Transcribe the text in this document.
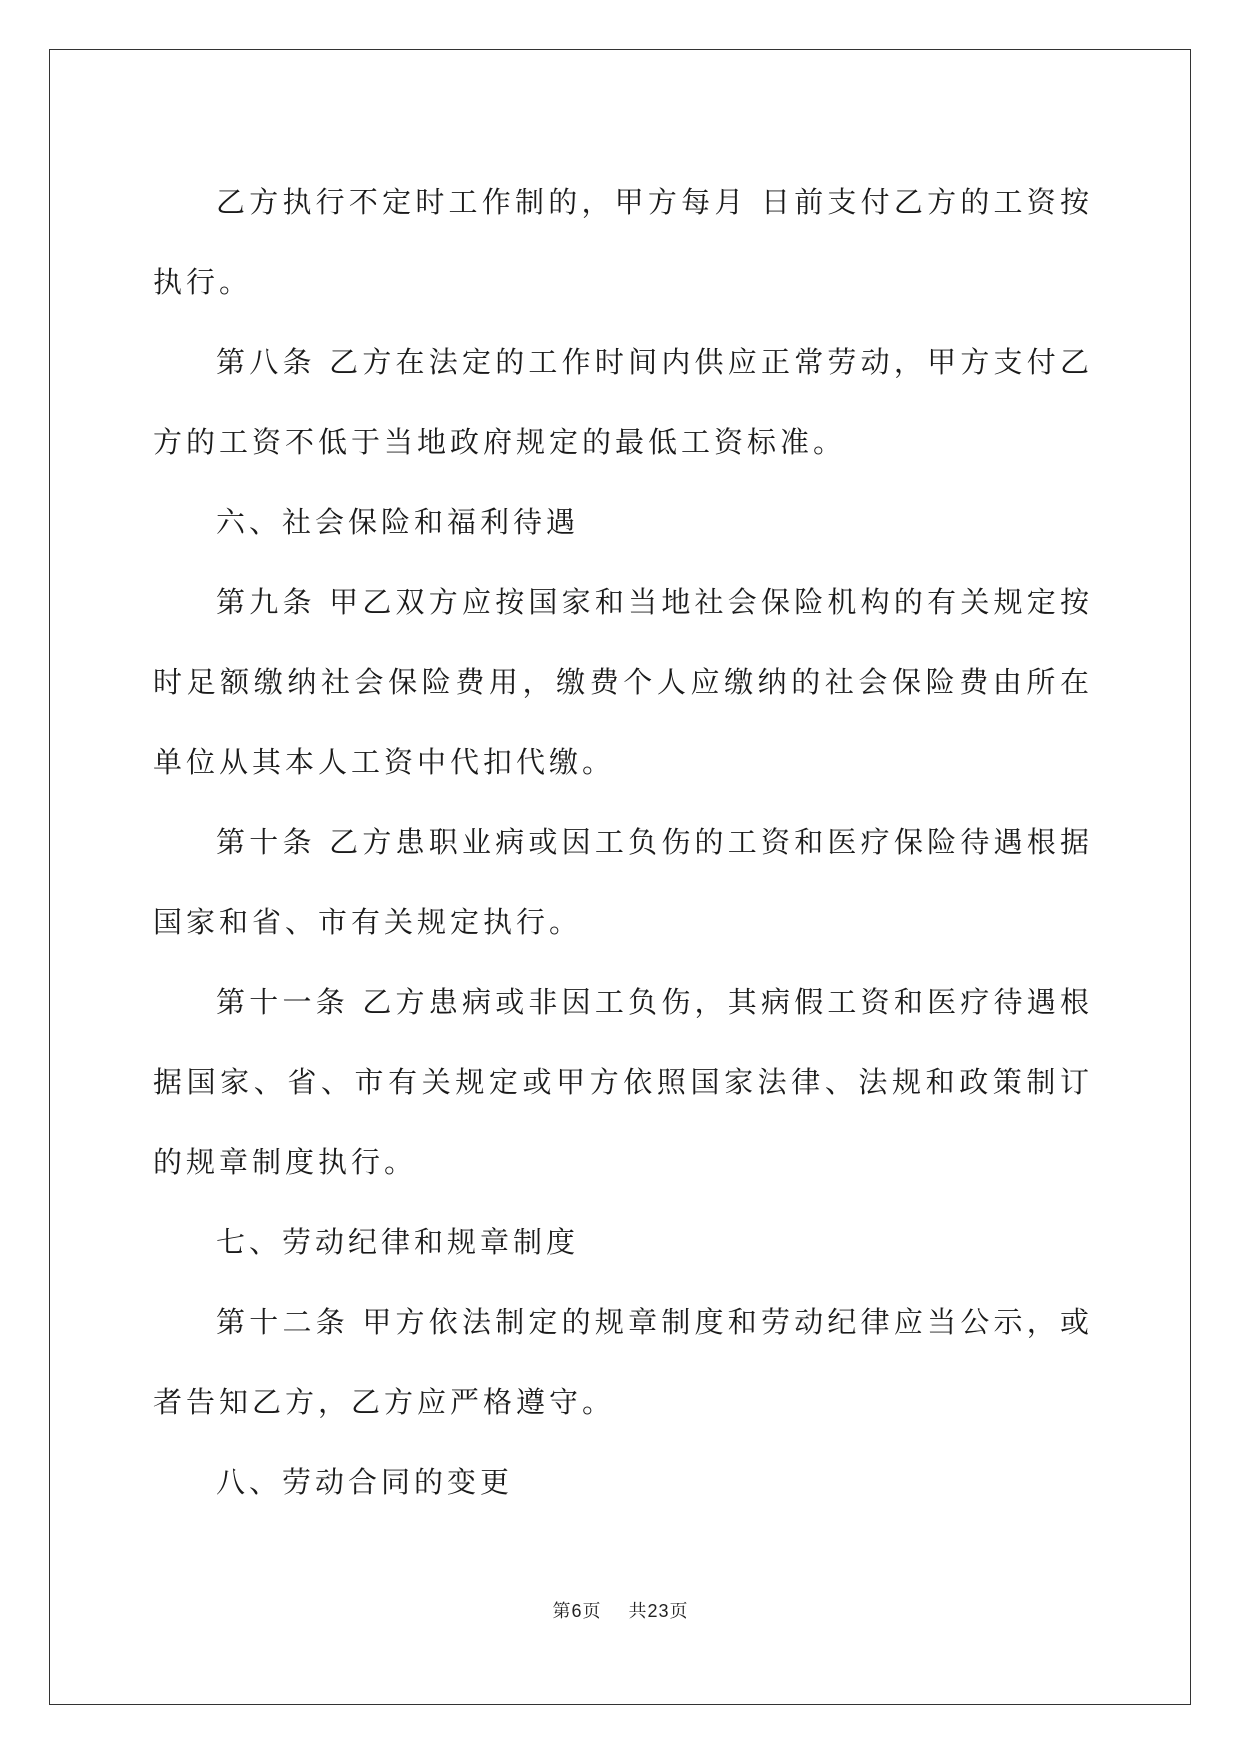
乙方执行不定时工作制的，甲方每月 日前支付乙方的工资按 执行。

第八条 乙方在法定的工作时间内供应正常劳动，甲方支付乙方的工资不低于当地政府规定的最低工资标准。

六、社会保险和福利待遇

第九条 甲乙双方应按国家和当地社会保险机构的有关规定按时足额缴纳社会保险费用，缴费个人应缴纳的社会保险费由所在单位从其本人工资中代扣代缴。

第十条 乙方患职业病或因工负伤的工资和医疗保险待遇根据国家和省、市有关规定执行。

第十一条 乙方患病或非因工负伤，其病假工资和医疗待遇根据国家、省、市有关规定或甲方依照国家法律、法规和政策制订的规章制度执行。

七、劳动纪律和规章制度

第十二条 甲方依法制定的规章制度和劳动纪律应当公示，或者告知乙方，乙方应严格遵守。

八、劳动合同的变更

第6页 共23页
